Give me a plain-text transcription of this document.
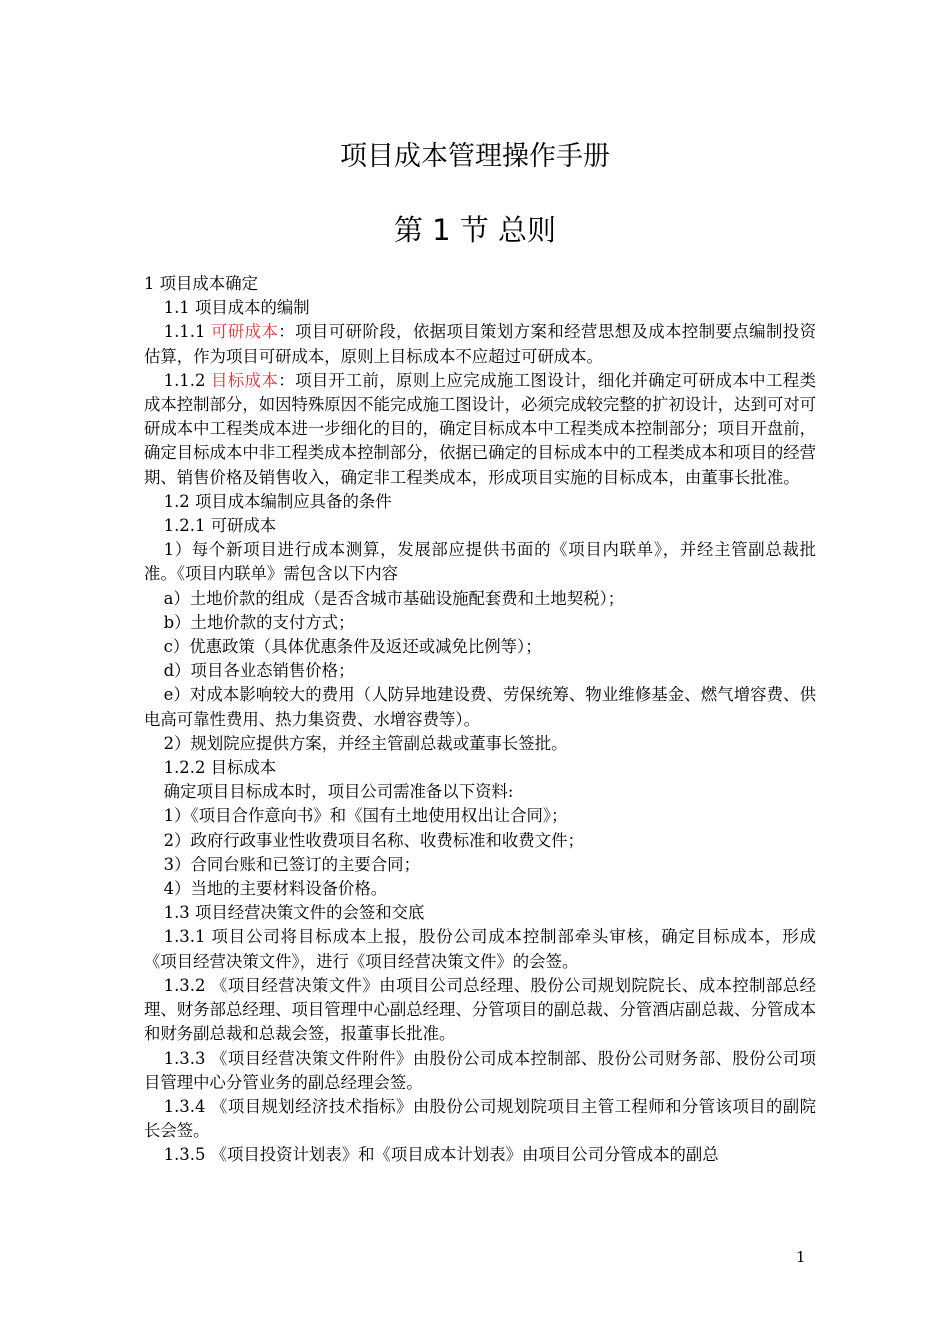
项目成本管理操作手册
第 1 节 总则

1 项目成本确定

1.1 项目成本的编制

1.1.1 可研成本：项目可研阶段，依据项目策划方案和经营思想及成本控制要点编制投资估算，作为项目可研成本，原则上目标成本不应超过可研成本。

1.1.2 目标成本：项目开工前，原则上应完成施工图设计，细化并确定可研成本中工程类成本控制部分，如因特殊原因不能完成施工图设计，必须完成较完整的扩初设计，达到可对可研成本中工程类成本进一步细化的目的，确定目标成本中工程类成本控制部分；项目开盘前，确定目标成本中非工程类成本控制部分，依据已确定的目标成本中的工程类成本和项目的经营期、销售价格及销售收入，确定非工程类成本，形成项目实施的目标成本，由董事长批准。

1.2 项目成本编制应具备的条件

1.2.1 可研成本

1）每个新项目进行成本测算，发展部应提供书面的《项目内联单》，并经主管副总裁批准。《项目内联单》需包含以下内容

a）土地价款的组成（是否含城市基础设施配套费和土地契税）；

b）土地价款的支付方式；

c）优惠政策（具体优惠条件及返还或减免比例等）；

d）项目各业态销售价格；

e）对成本影响较大的费用（人防异地建设费、劳保统筹、物业维修基金、燃气增容费、供电高可靠性费用、热力集资费、水增容费等）。

2）规划院应提供方案，并经主管副总裁或董事长签批。

1.2.2 目标成本

确定项目目标成本时，项目公司需准备以下资料:

1）《项目合作意向书》和《国有土地使用权出让合同》；

2）政府行政事业性收费项目名称、收费标准和收费文件；

3）合同台账和已签订的主要合同；

4）当地的主要材料设备价格。

1.3 项目经营决策文件的会签和交底

1.3.1 项目公司将目标成本上报，股份公司成本控制部牵头审核，确定目标成本，形成《项目经营决策文件》，进行《项目经营决策文件》的会签。

1.3.2 《项目经营决策文件》由项目公司总经理、股份公司规划院院长、成本控制部总经理、财务部总经理、项目管理中心副总经理、分管项目的副总裁、分管酒店副总裁、分管成本和财务副总裁和总裁会签，报董事长批准。

1.3.3 《项目经营决策文件附件》由股份公司成本控制部、股份公司财务部、股份公司项目管理中心分管业务的副总经理会签。

1.3.4 《项目规划经济技术指标》由股份公司规划院项目主管工程师和分管该项目的副院长会签。

1.3.5 《项目投资计划表》和《项目成本计划表》由项目公司分管成本的副总

1
